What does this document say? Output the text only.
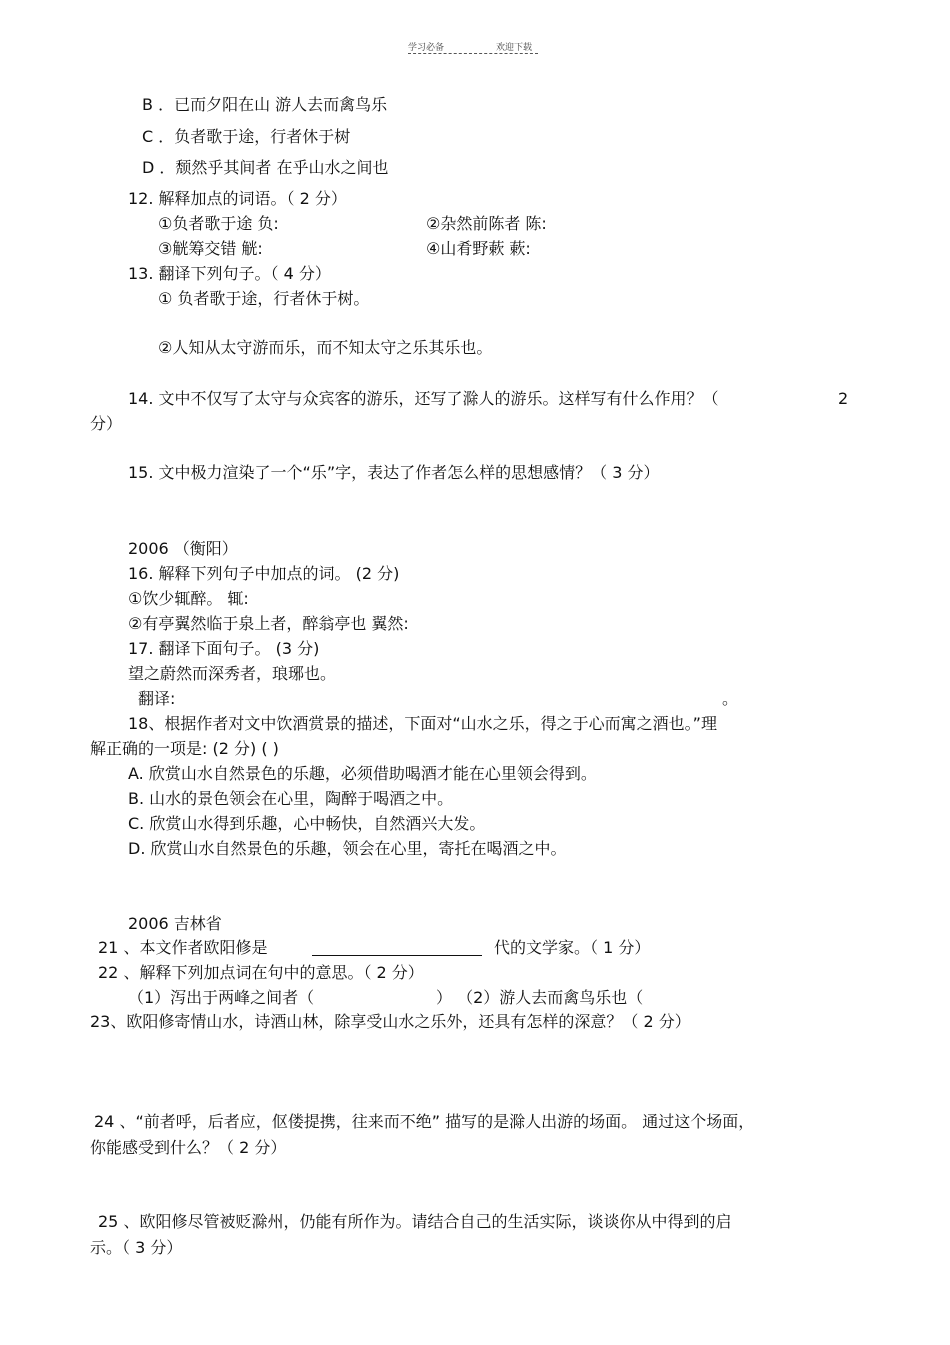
学习必备	欢迎下载
B ．已而夕阳在山 游人去而禽鸟乐
C ．负者歌于途，行者休于树
D ．颓然乎其间者 在乎山水之间也
12. 解释加点的词语。（ 2 分）
①负者歌于途 负:	②杂然前陈者 陈:
③觥筹交错 觥:	④山肴野蔌 蔌:
13. 翻译下列句子。（ 4 分）
① 负者歌于途，行者休于树。
②人知从太守游而乐，而不知太守之乐其乐也。
14. 文中不仅写了太守与众宾客的游乐，还写了滁人的游乐。这样写有什么作用？（	2
分）
15. 文中极力渲染了一个“乐”字，表达了作者怎么样的思想感情？（ 3 分）
2006 （衡阳）
16. 解释下列句子中加点的词。 (2 分)
①饮少辄醉。 辄:
②有亭翼然临于泉上者，醉翁亭也 翼然:
17. 翻译下面句子。 (3 分)
望之蔚然而深秀者，琅琊也。
翻译:	。
18、根据作者对文中饮酒赏景的描述，下面对“山水之乐，得之于心而寓之酒也。”理
解正确的一项是: (2 分) ( )
A. 欣赏山水自然景色的乐趣，必须借助喝酒才能在心里领会得到。
B. 山水的景色领会在心里，陶醉于喝酒之中。
C. 欣赏山水得到乐趣，心中畅快，自然酒兴大发。
D. 欣赏山水自然景色的乐趣，领会在心里，寄托在喝酒之中。
2006 吉林省
21 、本文作者欧阳修是	代的文学家。（ 1 分）
22 、解释下列加点词在句中的意思。（ 2 分）
（1）泻出于两峰之间者（	） （2）游人去而禽鸟乐也（
23、欧阳修寄情山水，诗酒山林，除享受山水之乐外，还具有怎样的深意？（ 2 分）
24 、“前者呼，后者应，伛偻提携，往来而不绝” 描写的是滁人出游的场面。 通过这个场面，
你能感受到什么？（ 2 分）
25 、欧阳修尽管被贬滁州，仍能有所作为。请结合自己的生活实际，谈谈你从中得到的启
示。（ 3 分）
